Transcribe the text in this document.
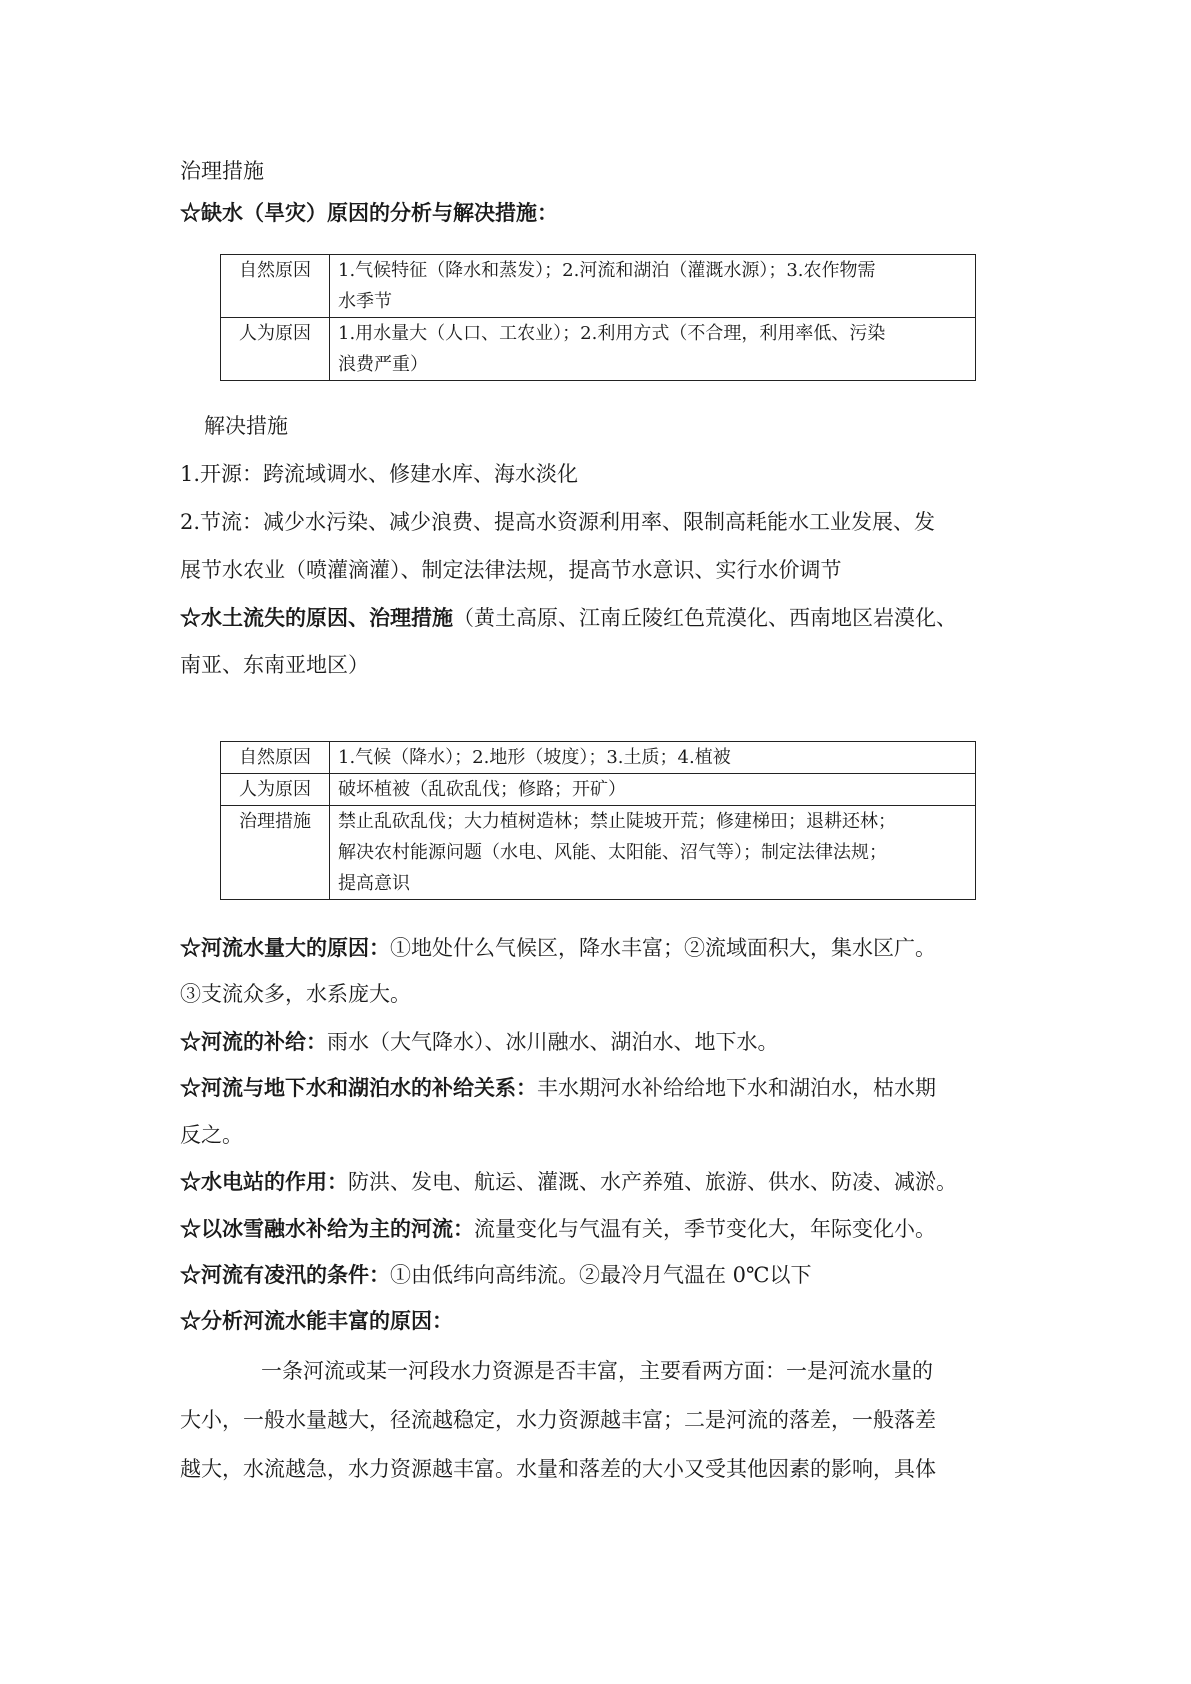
治理措施
☆缺水（旱灾）原因的分析与解决措施：
自然原因	1.气候特征（降水和蒸发）；2.河流和湖泊（灌溉水源）；3.农作物需
水季节

人为原因	1.用水量大（人口、工农业）；2.利用方式（不合理，利用率低、污染
浪费严重）
解决措施
1.开源：跨流域调水、修建水库、海水淡化
2.节流：减少水污染、减少浪费、提高水资源利用率、限制高耗能水工业发展、发
展节水农业（喷灌滴灌）、制定法律法规，提高节水意识、实行水价调节
☆水土流失的原因、治理措施（黄土高原、江南丘陵红色荒漠化、西南地区岩漠化、
南亚、东南亚地区）
自然原因	1.气候（降水）；2.地形（坡度）；3.土质；4.植被

人为原因	破坏植被（乱砍乱伐；修路；开矿）

治理措施	禁止乱砍乱伐；大力植树造林；禁止陡坡开荒；修建梯田；退耕还林；
解决农村能源问题（水电、风能、太阳能、沼气等）；制定法律法规；
提高意识
☆河流水量大的原因：①地处什么气候区，降水丰富；②流域面积大，集水区广。
③支流众多，水系庞大。
☆河流的补给：雨水（大气降水）、冰川融水、湖泊水、地下水。
☆河流与地下水和湖泊水的补给关系：丰水期河水补给给地下水和湖泊水，枯水期
反之。
☆水电站的作用：防洪、发电、航运、灌溉、水产养殖、旅游、供水、防凌、减淤。
☆以冰雪融水补给为主的河流：流量变化与气温有关，季节变化大，年际变化小。
☆河流有凌汛的条件：①由低纬向高纬流。②最冷月气温在 0℃以下
☆分析河流水能丰富的原因：
一条河流或某一河段水力资源是否丰富，主要看两方面：一是河流水量的
大小，一般水量越大，径流越稳定，水力资源越丰富；二是河流的落差，一般落差
越大，水流越急，水力资源越丰富。水量和落差的大小又受其他因素的影响，具体
